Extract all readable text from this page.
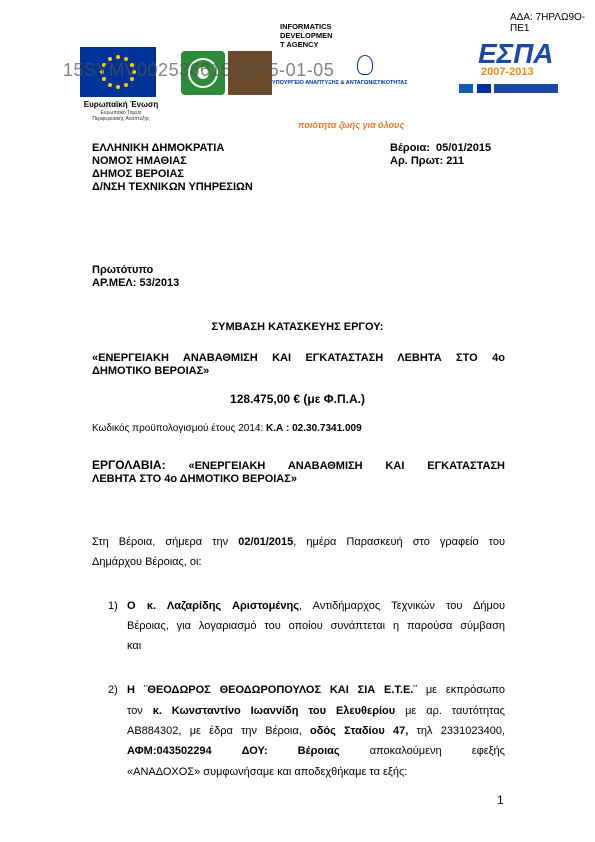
ΑΔΑ: 7ΗΡΛΩ9Ο-ΠΕ1
Ευρωπαϊκή Ένωση
Ευρωπαϊκό Ταμείο
Περιφερειακής Ανάπτυξης
INFORMATICS
DEVELOPMEN
T AGENCY
ΥΠΟΥΡΓΕΙΟ ΑΝΑΠΤΥΞΗΣ & ΑΝΤΑΓΩΝΙΣΤΙΚΟΤΗΤΑΣ
15SYMV002536615 2015-01-05
ΕΣΠΑ
2007-2013
ποιότητα ζωής για όλους
ΕΛΛΗΝΙΚΗ ΔΗΜΟΚΡΑΤΙΑ
ΝΟΜΟΣ ΗΜΑΘΙΑΣ
ΔΗΜΟΣ ΒΕΡΟΙΑΣ
Δ/ΝΣΗ ΤΕΧΝΙΚΩΝ ΥΠΗΡΕΣΙΩΝ
Βέροια: 05/01/2015
Αρ. Πρωτ: 211
Πρωτότυπο
ΑΡ.ΜΕΛ: 53/2013
ΣΥΜΒΑΣΗ ΚΑΤΑΣΚΕΥΗΣ ΕΡΓΟΥ:
«ΕΝΕΡΓΕΙΑΚΗ ΑΝΑΒΑΘΜΙΣΗ ΚΑΙ ΕΓΚΑΤΑΣΤΑΣΗ ΛΕΒΗΤΑ ΣΤΟ 4ο
ΔΗΜΟΤΙΚΟ ΒΕΡΟΙΑΣ»
128.475,00 € (με Φ.Π.Α.)
Κωδικός προϋπολογισμού έτους 2014: Κ.Α : 02.30.7341.009
ΕΡΓΟΛΑΒΙΑ: «ΕΝΕΡΓΕΙΑΚΗ ΑΝΑΒΑΘΜΙΣΗ ΚΑΙ ΕΓΚΑΤΑΣΤΑΣΗ
ΛΕΒΗΤΑ ΣΤΟ 4ο ΔΗΜΟΤΙΚΟ ΒΕΡΟΙΑΣ»
Στη Βέροια, σήμερα την 02/01/2015, ημέρα Παρασκευή στο γραφείο του
Δημάρχου Βέροιας, οι:
1) Ο κ. Λαζαρίδης Αριστομένης, Αντιδήμαρχος Τεχνικών του Δήμου
Βέροιας, για λογαριασμό του οποίου συνάπτεται η παρούσα σύμβαση
και
2) Η ¨ΘΕΟΔΩΡΟΣ ΘΕΟΔΩΡΟΠΟΥΛΟΣ ΚΑΙ ΣΙΑ Ε.Τ.Ε.¨ με εκπρόσωπο
τον κ. Κωνσταντίνο Ιωαννίδη του Ελευθερίου με αρ. ταυτότητας
ΑΒ884302, με έδρα την Βέροια, οδός Σταδίου 47, τηλ 2331023400,
ΑΦΜ:043502294	ΔΟΥ:	Βέροιας	αποκαλούμενη	εφεξής
«ΑΝΑΔΟΧΟΣ» συμφωνήσαμε και αποδεχθήκαμε τα εξής:
1
